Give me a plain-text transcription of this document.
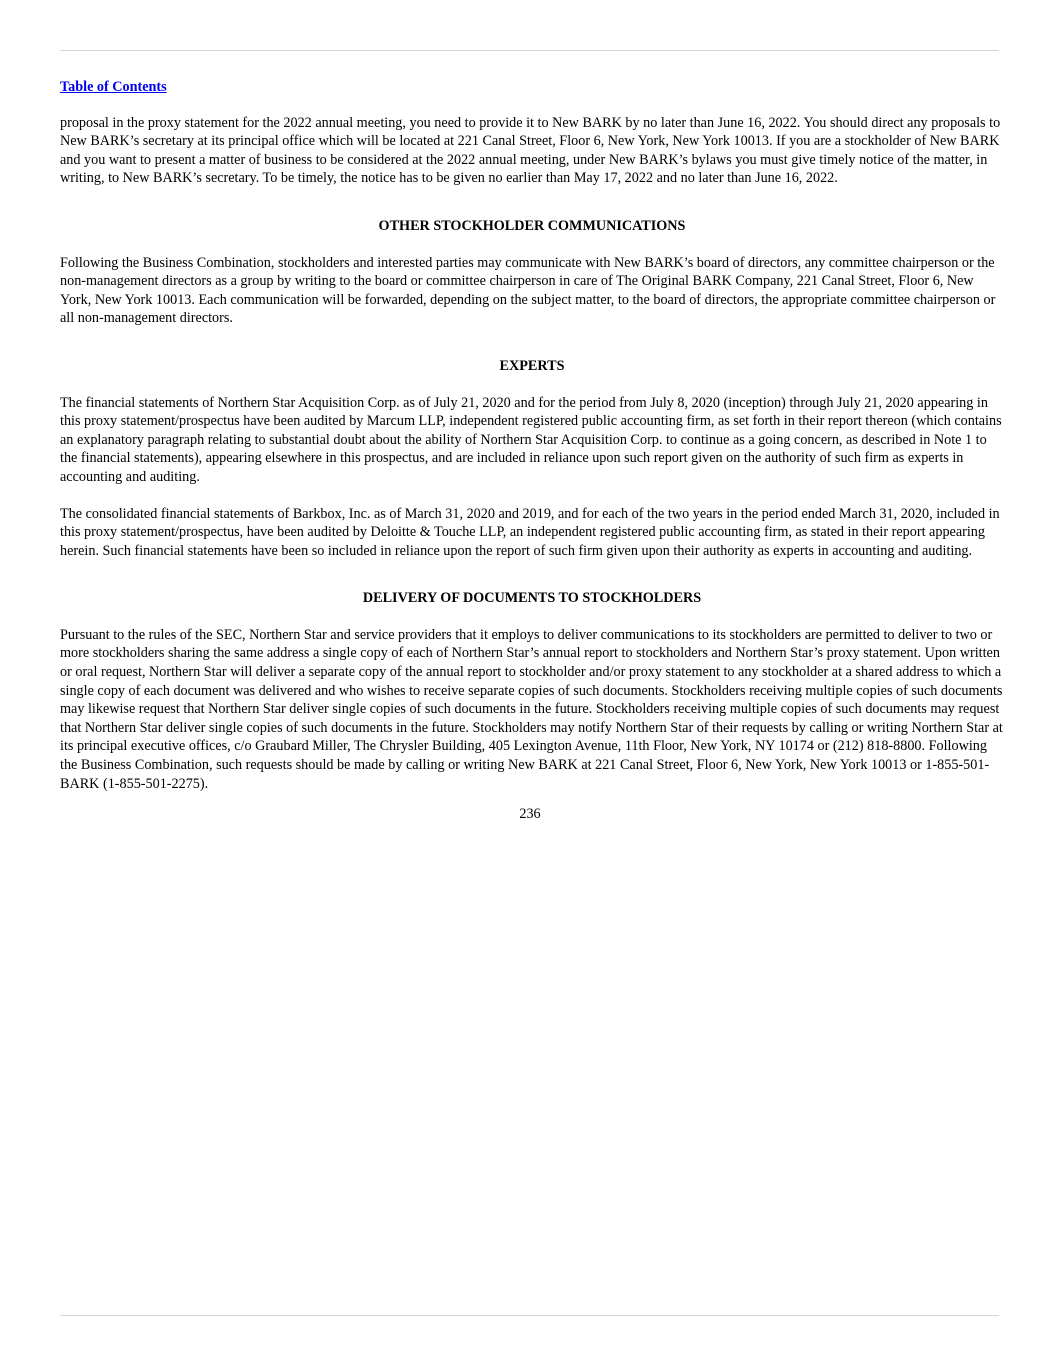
Table of Contents

proposal in the proxy statement for the 2022 annual meeting, you need to provide it to New BARK by no later than June 16, 2022. You should direct any proposals to New BARK’s secretary at its principal office which will be located at 221 Canal Street, Floor 6, New York, New York 10013. If you are a stockholder of New BARK and you want to present a matter of business to be considered at the 2022 annual meeting, under New BARK’s bylaws you must give timely notice of the matter, in writing, to New BARK’s secretary. To be timely, the notice has to be given no earlier than May 17, 2022 and no later than June 16, 2022.

OTHER STOCKHOLDER COMMUNICATIONS

Following the Business Combination, stockholders and interested parties may communicate with New BARK’s board of directors, any committee chairperson or the non-management directors as a group by writing to the board or committee chairperson in care of The Original BARK Company, 221 Canal Street, Floor 6, New York, New York 10013. Each communication will be forwarded, depending on the subject matter, to the board of directors, the appropriate committee chairperson or all non-management directors.

EXPERTS

The financial statements of Northern Star Acquisition Corp. as of July 21, 2020 and for the period from July 8, 2020 (inception) through July 21, 2020 appearing in this proxy statement/prospectus have been audited by Marcum LLP, independent registered public accounting firm, as set forth in their report thereon (which contains an explanatory paragraph relating to substantial doubt about the ability of Northern Star Acquisition Corp. to continue as a going concern, as described in Note 1 to the financial statements), appearing elsewhere in this prospectus, and are included in reliance upon such report given on the authority of such firm as experts in accounting and auditing.

The consolidated financial statements of Barkbox, Inc. as of March 31, 2020 and 2019, and for each of the two years in the period ended March 31, 2020, included in this proxy statement/prospectus, have been audited by Deloitte & Touche LLP, an independent registered public accounting firm, as stated in their report appearing herein. Such financial statements have been so included in reliance upon the report of such firm given upon their authority as experts in accounting and auditing.

DELIVERY OF DOCUMENTS TO STOCKHOLDERS

Pursuant to the rules of the SEC, Northern Star and service providers that it employs to deliver communications to its stockholders are permitted to deliver to two or more stockholders sharing the same address a single copy of each of Northern Star’s annual report to stockholders and Northern Star’s proxy statement. Upon written or oral request, Northern Star will deliver a separate copy of the annual report to stockholder and/or proxy statement to any stockholder at a shared address to which a single copy of each document was delivered and who wishes to receive separate copies of such documents. Stockholders receiving multiple copies of such documents may likewise request that Northern Star deliver single copies of such documents in the future. Stockholders receiving multiple copies of such documents may request that Northern Star deliver single copies of such documents in the future. Stockholders may notify Northern Star of their requests by calling or writing Northern Star at its principal executive offices, c/o Graubard Miller, The Chrysler Building, 405 Lexington Avenue, 11th Floor, New York, NY 10174 or (212) 818-8800. Following the Business Combination, such requests should be made by calling or writing New BARK at 221 Canal Street, Floor 6, New York, New York 10013 or 1-855-501-BARK (1-855-501-2275).

236
